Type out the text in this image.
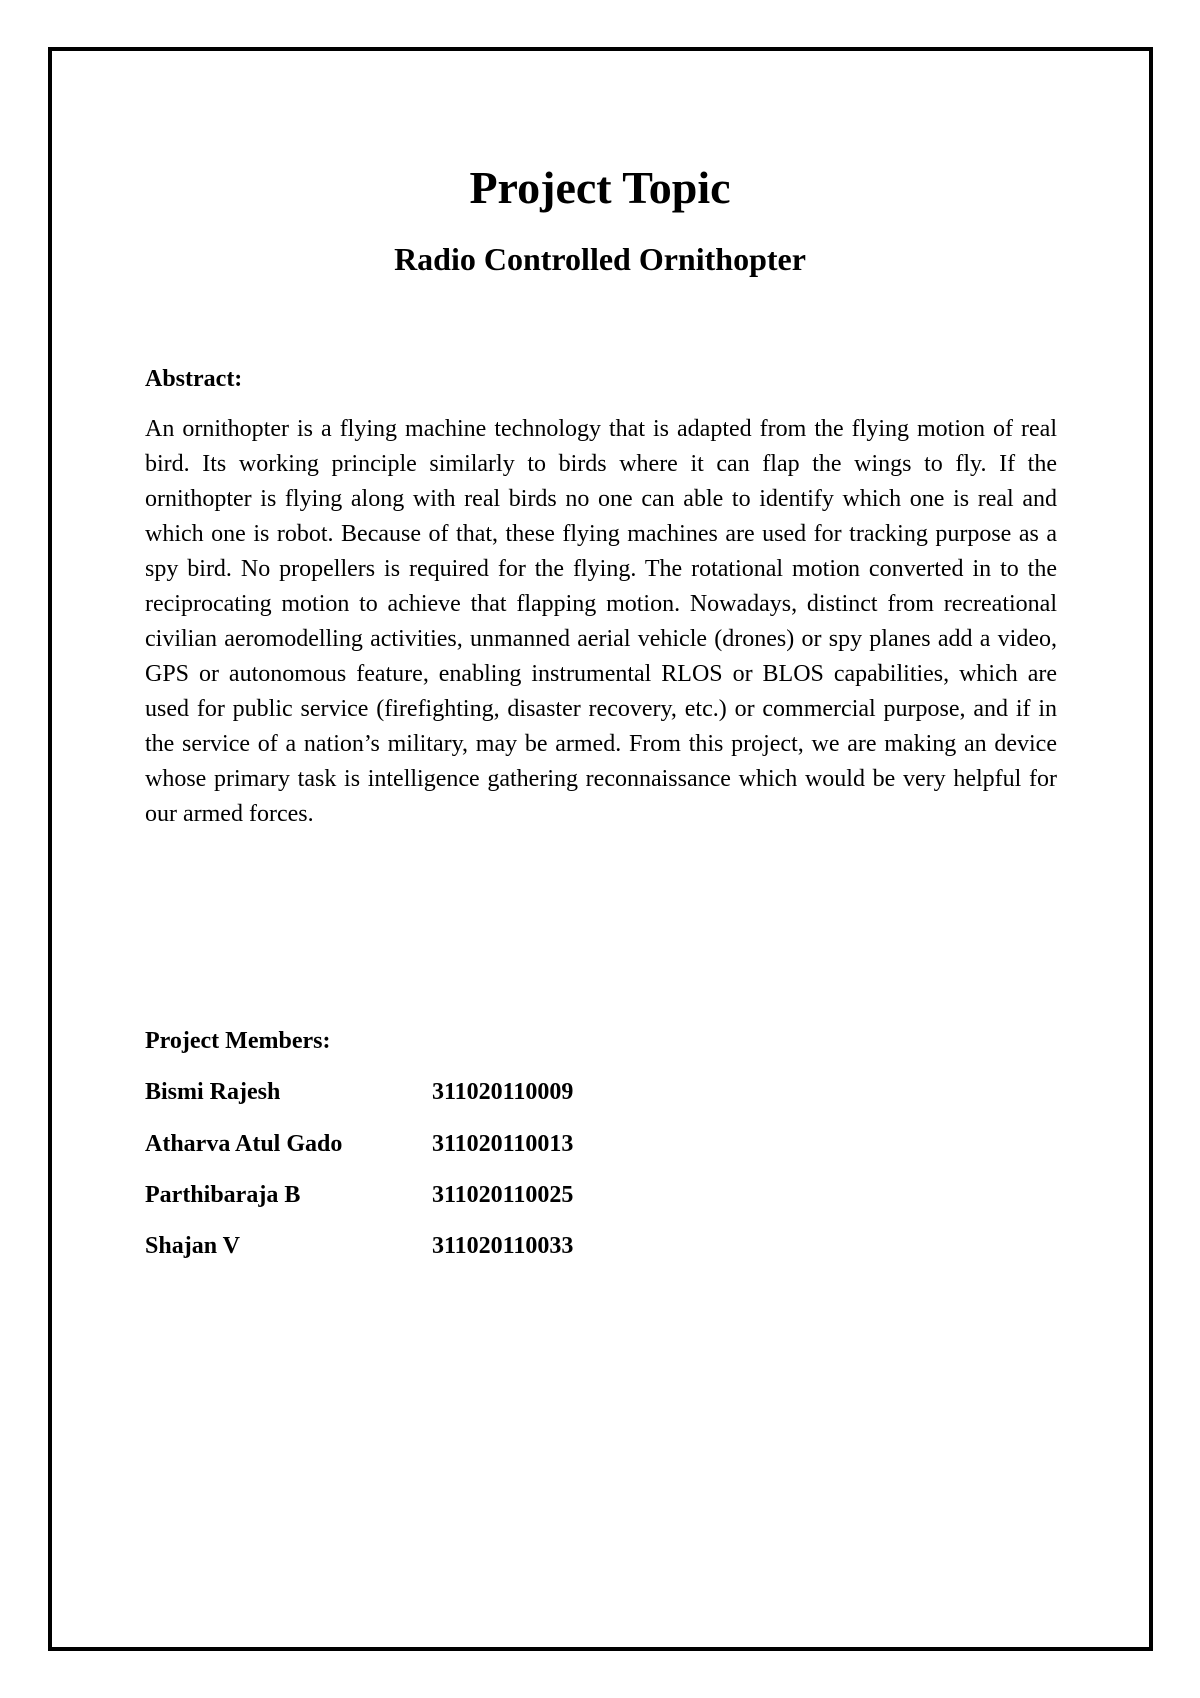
Project Topic
Radio Controlled Ornithopter
Abstract:

An ornithopter is a flying machine technology that is adapted from the flying motion of real bird. Its working principle similarly to birds where it can flap the wings to fly. If the ornithopter is flying along with real birds no one can able to identify which one is real and which one is robot. Because of that, these flying machines are used for tracking purpose as a spy bird. No propellers is required for the flying. The rotational motion converted in to the reciprocating motion to achieve that flapping motion. Nowadays, distinct from recreational civilian aeromodelling activities, unmanned aerial vehicle (drones) or spy planes add a video, GPS or autonomous feature, enabling instrumental RLOS or BLOS capabilities, which are used for public service (firefighting, disaster recovery, etc.) or commercial purpose, and if in the service of a nation’s military, may be armed. From this project, we are making an device whose primary task is intelligence gathering reconnaissance which would be very helpful for our armed forces.

Project Members:
Bismi Rajesh	311020110009
Atharva Atul Gado	311020110013
Parthibaraja B	311020110025
Shajan V	311020110033
